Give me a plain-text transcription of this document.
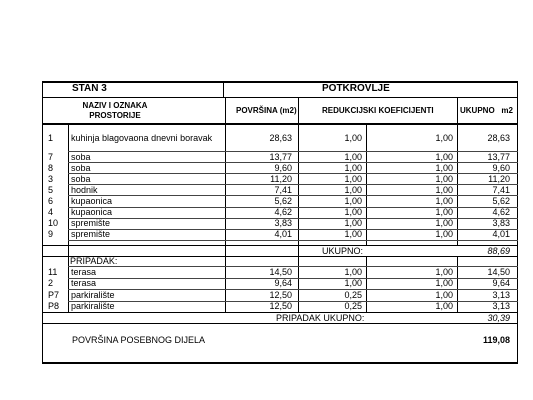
STAN 3	POTKROVLJE
NAZIV I OZNAKA
PROSTORIJE
POVRŠINA (m2)	REDUKCIJSKI KOEFICIJENTI	UKUPNO   m2
1	kuhinja blagovaona dnevni boravak	28,63	1,00	1,00	28,63
7	soba	13,77	1,00	1,00	13,77
8	soba	9,60	1,00	1,00	9,60
3	soba	11,20	1,00	1,00	11,20
5	hodnik	7,41	1,00	1,00	7,41
6	kupaonica	5,62	1,00	1,00	5,62
4	kupaonica	4,62	1,00	1,00	4,62
10	spremište	3,83	1,00	1,00	3,83
9	spremište	4,01	1,00	1,00	4,01
UKUPNO:	88,69
PRIPADAK:
11	terasa	14,50	1,00	1,00	14,50
2	terasa	9,64	1,00	1,00	9,64
P7	parkiralište	12,50	0,25	1,00	3,13
P8	parkiralište	12,50	0,25	1,00	3,13
PRIPADAK UKUPNO:	30,39
POVRŠINA POSEBNOG DIJELA	119,08
